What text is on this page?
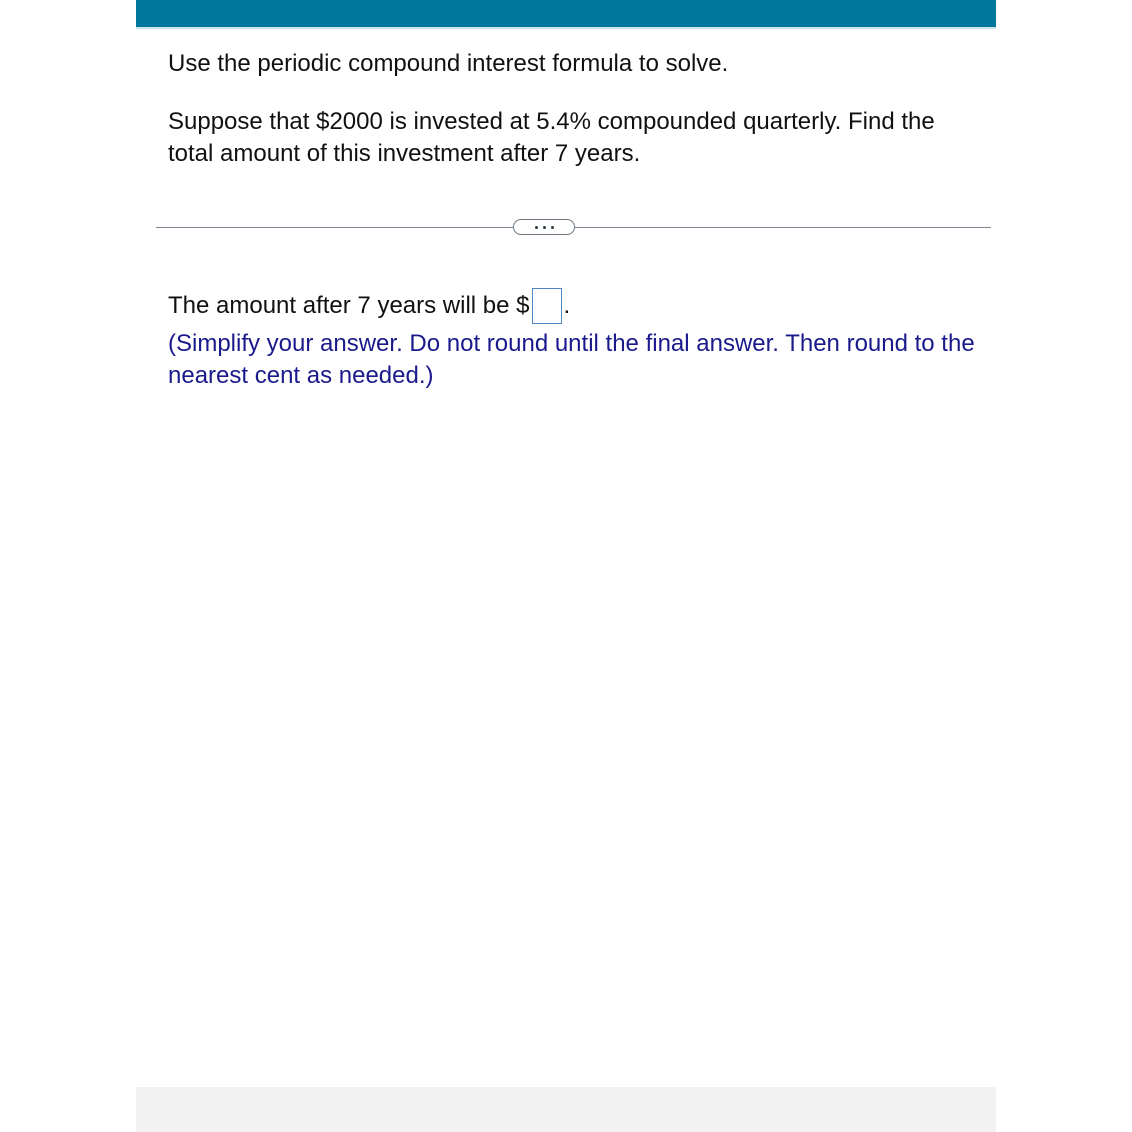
Use the periodic compound interest formula to solve.

Suppose that $2000 is invested at 5.4% compounded quarterly. Find the total amount of this investment after 7 years.

The amount after 7 years will be $ .
(Simplify your answer. Do not round until the final answer. Then round to the nearest cent as needed.)
